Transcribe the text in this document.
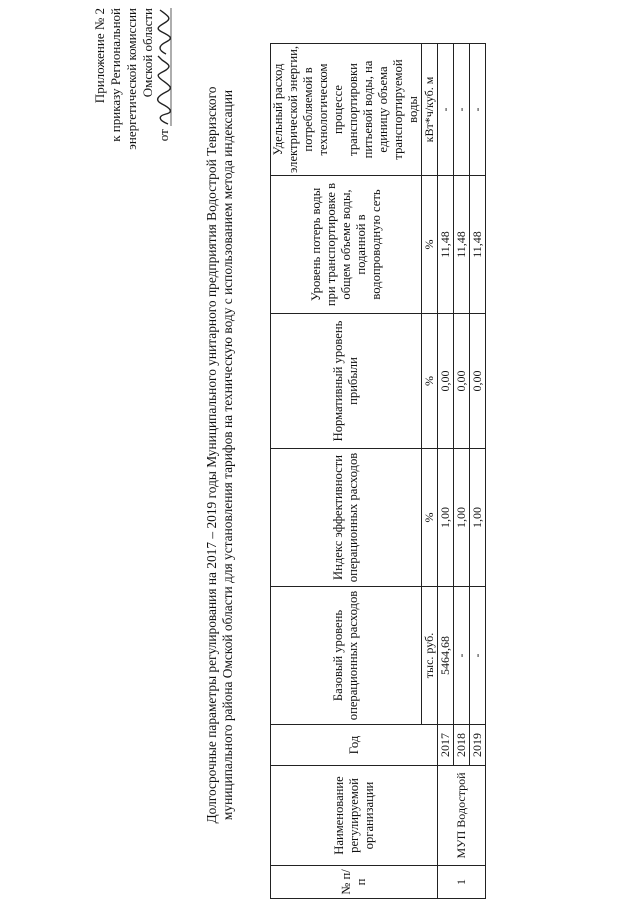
Приложение № 2 к приказу Региональной энергетической комиссии Омской области
от Долгосрочные параметры регулирования на 2017 – 2019 годы Муниципального унитарного предприятия Водострой Тевризского муниципального района Омской области для установления тарифов на техническую воду с использованием метода индексации
№ п/п	Наименование регулируемой организации	Год	Базовый уровень операционных расходов	Индекс эффективности операционных расходов	Нормативный уровень прибыли	Уровень потерь воды при транспортировке в общем объеме воды, поданной в водопроводную сеть	Удельный расход электрической энергии, потребляемой в технологическом процессе транспортировки питьевой воды, на единицу объема транспортируемой воды
			тыс. руб.	%	%	%	кВт*ч/куб. м
1	МУП Водострой	2017	5464,68	1,00	0,00	11,48	-
		2018	-	1,00	0,00	11,48	-
		2019	-	1,00	0,00	11,48	-
